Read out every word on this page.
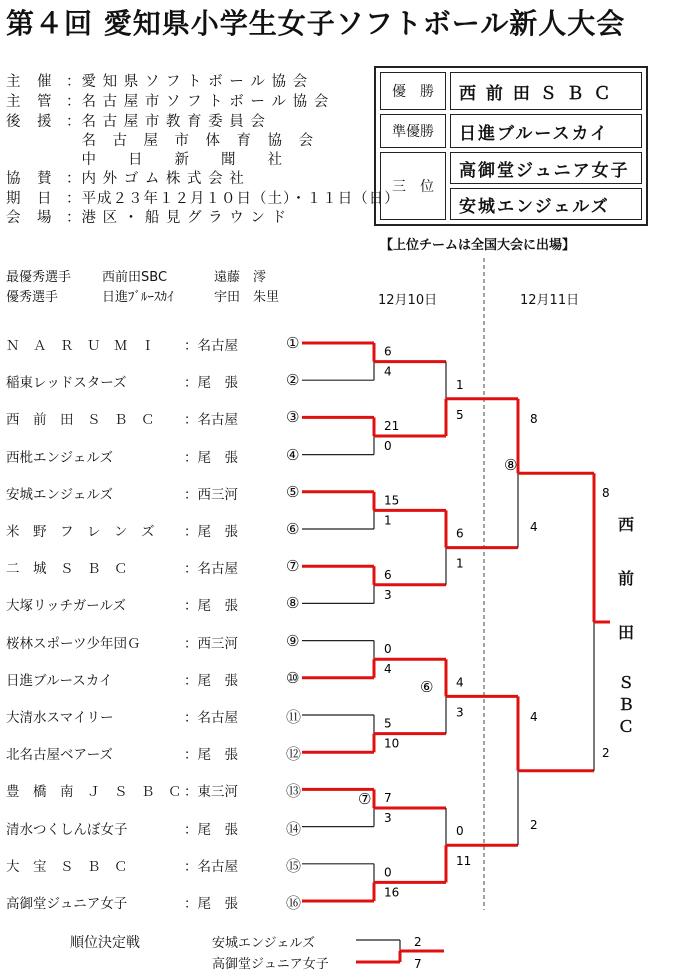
第４回 愛知県小学生女子ソフトボール新人大会
主　催 ：愛 知 県 ソ フ ト ボ ー ル 協 会
主　管 ：名 古 屋 市 ソ フ ト ボ ー ル 協 会
後　援 ：名 古 屋 市 教 育 委 員 会
　名　古　屋　市　体　育　協　会
　中　　日　　新　　聞　　社
協　賛 ：内 外 ゴ ム 株 式 会 社
期　日 ：平成２３年１２月１０日（土）・１１日（日）
会　場 ：港 区 ・ 船 見 グ ラ ウ ン ド
優　勝	西 前 田 Ｓ Ｂ Ｃ
準優勝	日進ブルースカイ
三　位
高御堂ジュニア女子
安城エンジェルズ
【上位チームは全国大会に出場】
最優秀選手 西前田SBC	遠藤　澪
優秀選手	日進ﾌﾞﾙｰｽｶｲ	宇田　朱里	12月10日	12月11日
Ｎ　Ａ　Ｒ　Ｕ　Ｍ　Ｉ ：名古屋	①
稲東レッドスターズ	：尾　張	②
西　前　田　Ｓ　Ｂ　Ｃ ：名古屋	③
西枇エンジェルズ	：尾　張	④
安城エンジェルズ	：西三河	⑤
米　野　フ　レ　ン　ズ ：尾　張	⑥
二　城　Ｓ　Ｂ　Ｃ	：名古屋	⑦
大塚リッチガールズ	：尾　張	⑧
桜林スポーツ少年団Ｇ	：西三河	⑨
日進ブルースカイ	：尾　張	⑩
大清水スマイリー	：名古屋	⑪
北名古屋ベアーズ	：尾　張	⑫
豊　橋　南　Ｊ　Ｓ　Ｂ　Ｃ ：東三河	⑬
清水つくしんぼ女子	：尾　張	⑭
大　宝　Ｓ　Ｂ　Ｃ	：名古屋	⑮
高御堂ジュニア女子	：尾　張	⑯
6
4
21
0
15
1
6
3
0
4
5
10
7
3
0
16
1
5
6
1
4
3
0
11
8
4
4
2
8
2
⑥
⑦
⑧
2
7
西
前
田
Ｓ
Ｂ
Ｃ
順位決定戦	安城エンジェルズ
高御堂ジュニア女子
